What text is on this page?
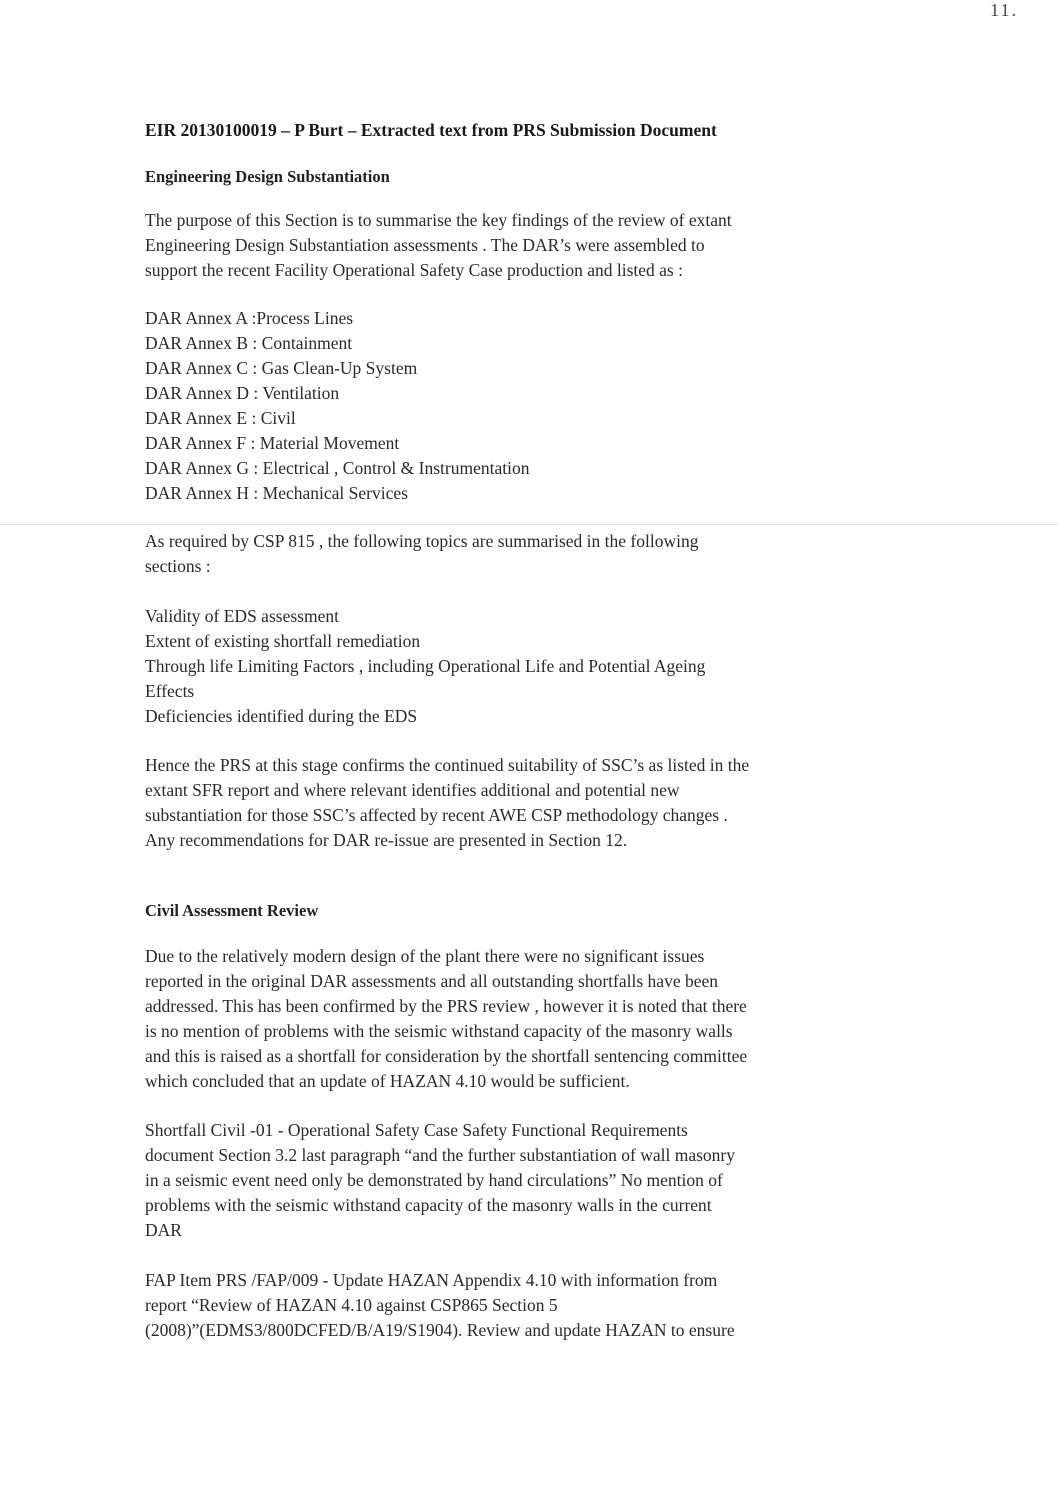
11.

EIR 20130100019 – P Burt – Extracted text from PRS Submission Document

Engineering Design Substantiation

The purpose of this Section is to summarise the key findings of the review of extant
Engineering Design Substantiation assessments . The DAR’s were assembled to
support the recent Facility Operational Safety Case production and listed as :

DAR Annex A :Process Lines

DAR Annex B : Containment

DAR Annex C : Gas Clean-Up System

DAR Annex D : Ventilation

DAR Annex E : Civil

DAR Annex F : Material Movement

DAR Annex G : Electrical , Control & Instrumentation

DAR Annex H : Mechanical Services

As required by CSP 815 , the following topics are summarised in the following
sections :

Validity of EDS assessment

Extent of existing shortfall remediation

Through life Limiting Factors , including Operational Life and Potential Ageing
Effects

Deficiencies identified during the EDS

Hence the PRS at this stage confirms the continued suitability of SSC’s as listed in the
extant SFR report and where relevant identifies additional and potential new
substantiation for those SSC’s affected by recent AWE CSP methodology changes .
Any recommendations for DAR re-issue are presented in Section 12.

Civil Assessment Review

Due to the relatively modern design of the plant there were no significant issues
reported in the original DAR assessments and all outstanding shortfalls have been
addressed. This has been confirmed by the PRS review , however it is noted that there
is no mention of problems with the seismic withstand capacity of the masonry walls
and this is raised as a shortfall for consideration by the shortfall sentencing committee
which concluded that an update of HAZAN 4.10 would be sufficient.

Shortfall Civil -01 - Operational Safety Case Safety Functional Requirements
document Section 3.2 last paragraph “and the further substantiation of wall masonry
in a seismic event need only be demonstrated by hand circulations” No mention of
problems with the seismic withstand capacity of the masonry walls in the current
DAR

FAP Item PRS /FAP/009 - Update HAZAN Appendix 4.10 with information from
report “Review of HAZAN 4.10 against CSP865 Section 5
(2008)”(EDMS3/800DCFED/B/A19/S1904). Review and update HAZAN to ensure
